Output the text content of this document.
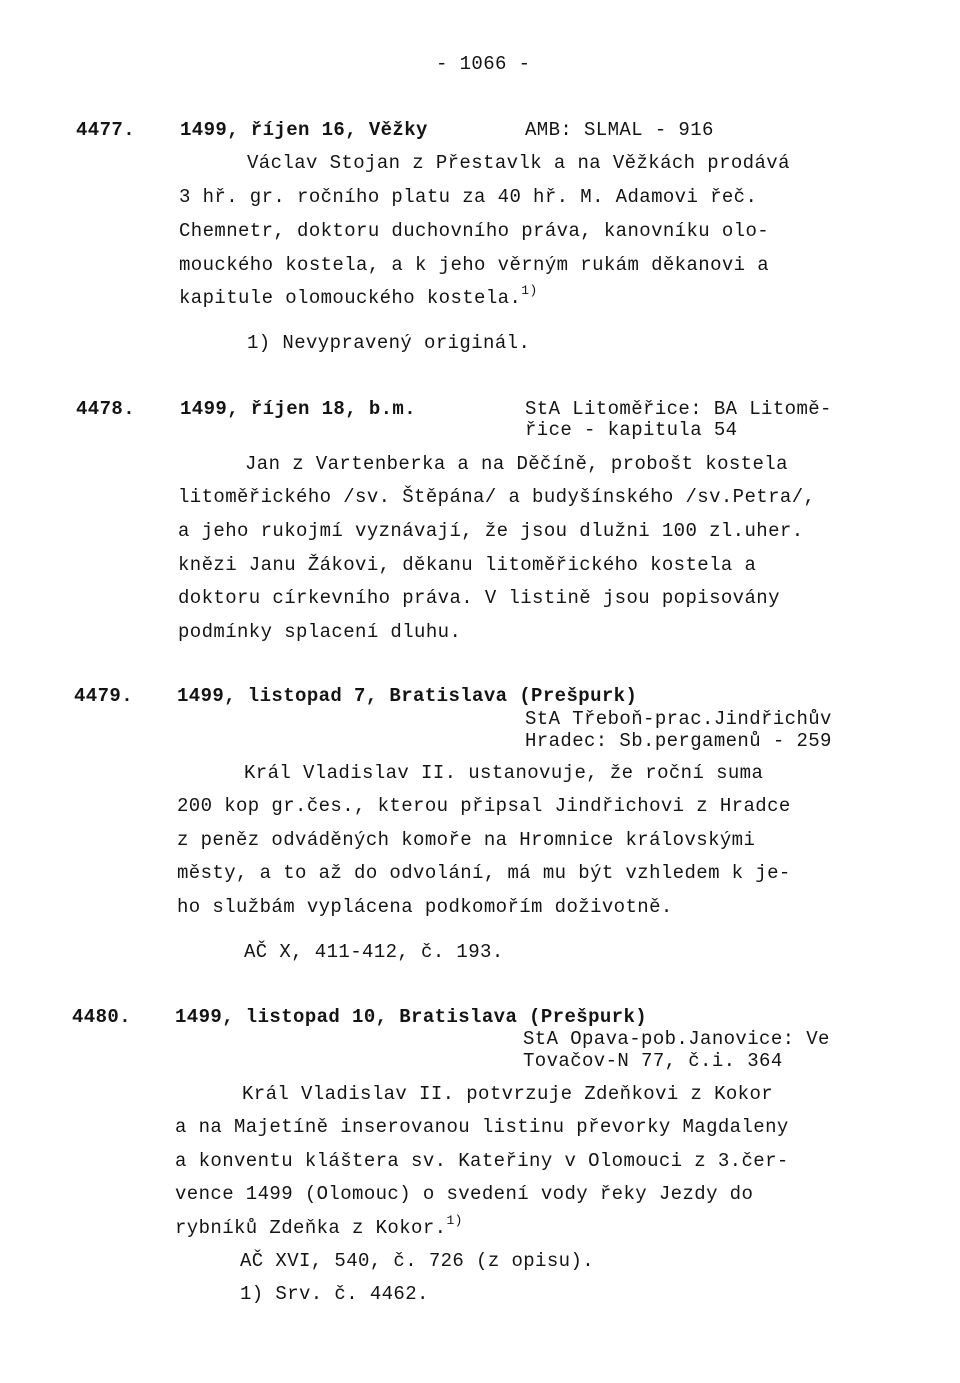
- 1066 -
4477. 1499, říjen 16, Věžky	AMB: SLMAL - 916
Václav Stojan z Přestavlk a na Věžkách prodává
3 hř. gr. ročního platu za 40 hř. M. Adamovi řeč.
Chemnetr, doktoru duchovního práva, kanovníku olo-
mouckého kostela, a k jeho věrným rukám děkanovi a
kapitule olomouckého kostela.$^{1)}$
1) Nevypravený originál.
4478. 1499, říjen 18, b.m.	StA Litoměřice: BA Litomě-
řice - kapitula 54
Jan z Vartenberka a na Děčíně, probošt kostela
litoměřického /sv. Štěpána/ a budyšínského /sv.Petra/,
a jeho rukojmí vyznávají, že jsou dlužni 100 zl.uher.
knězi Janu Žákovi, děkanu litoměřického kostela a
doktoru církevního práva. V listině jsou popisovány
podmínky splacení dluhu.
4479. 1499, listopad 7, Bratislava (Prešpurk)
StA Třeboň-prac.Jindřichův
Hradec: Sb.pergamenů - 259
Král Vladislav II. ustanovuje, že roční suma
200 kop gr.čes., kterou připsal Jindřichovi z Hradce
z peněz odváděných komoře na Hromnice královskými
městy, a to až do odvolání, má mu být vzhledem k je-
ho službám vyplácena podkomořím doživotně.
AČ X, 411-412, č. 193.
4480. 1499, listopad 10, Bratislava (Prešpurk)
StA Opava-pob.Janovice: Ve
Tovačov-N 77, č.i. 364
Král Vladislav II. potvrzuje Zdeňkovi z Kokor
a na Majetíně inserovanou listinu převorky Magdaleny
a konventu kláštera sv. Kateřiny v Olomouci z 3.čer-
vence 1499 (Olomouc) o svedení vody řeky Jezdy do
rybníků Zdeňka z Kokor.$^{1)}$
AČ XVI, 540, č. 726 (z opisu).
1) Srv. č. 4462.
